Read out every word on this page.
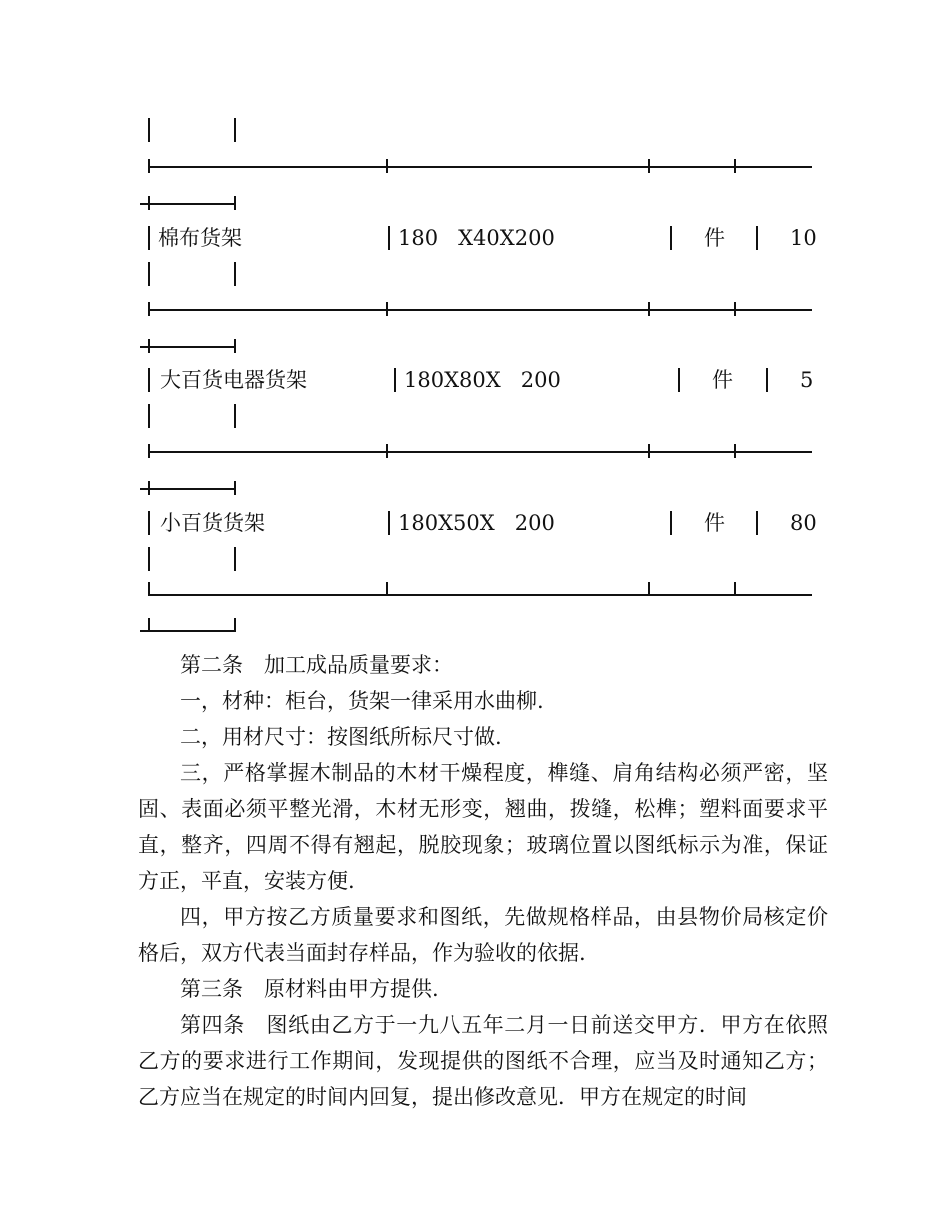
棉布货架	180   X40X200	件	10
大百货电器货架	180X80X   200	件	5
小百货货架	180X50X   200	件	80

第二条　加工成品质量要求：

一，材种：柜台，货架一律采用水曲柳.

二，用材尺寸：按图纸所标尺寸做.

三，严格掌握木制品的木材干燥程度，榫缝、肩角结构必须严密，坚固、表面必须平整光滑，木材无形变，翘曲，拨缝，松榫；塑料面要求平直，整齐，四周不得有翘起，脱胶现象；玻璃位置以图纸标示为准，保证方正，平直，安装方便.

四，甲方按乙方质量要求和图纸，先做规格样品，由县物价局核定价格后，双方代表当面封存样品，作为验收的依据.

第三条　原材料由甲方提供.

第四条　图纸由乙方于一九八五年二月一日前送交甲方．甲方在依照乙方的要求进行工作期间，发现提供的图纸不合理，应当及时通知乙方；乙方应当在规定的时间内回复，提出修改意见．甲方在规定的时间
